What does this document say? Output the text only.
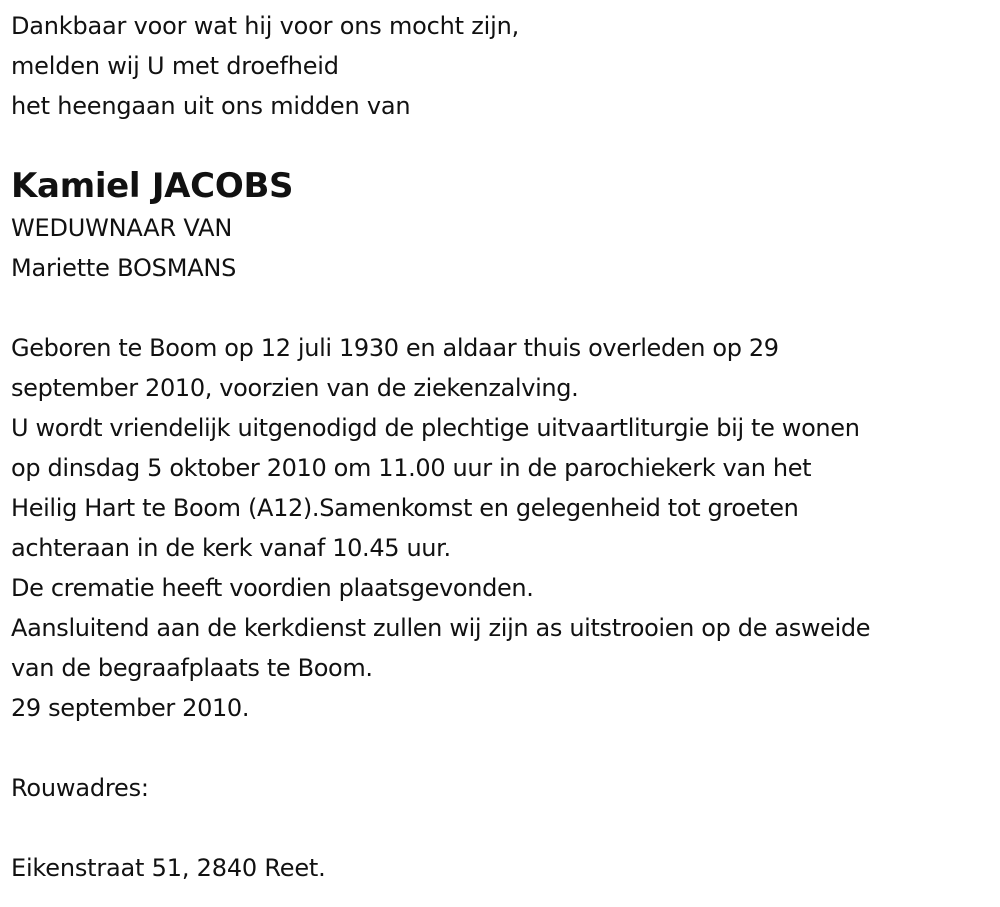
Dankbaar voor wat hij voor ons mocht zijn,
melden wij U met droefheid
het heengaan uit ons midden van
Kamiel JACOBS
WEDUWNAAR VAN
Mariette BOSMANS
Geboren te Boom op 12 juli 1930 en aldaar thuis overleden op 29
september 2010, voorzien van de ziekenzalving.
U wordt vriendelijk uitgenodigd de plechtige uitvaartliturgie bij te wonen
op dinsdag 5 oktober 2010 om 11.00 uur in de parochiekerk van het
Heilig Hart te Boom (A12).Samenkomst en gelegenheid tot groeten
achteraan in de kerk vanaf 10.45 uur.
De crematie heeft voordien plaatsgevonden.
Aansluitend aan de kerkdienst zullen wij zijn as uitstrooien op de asweide
van de begraafplaats te Boom.
29 september 2010.
Rouwadres:
Eikenstraat 51, 2840 Reet.
